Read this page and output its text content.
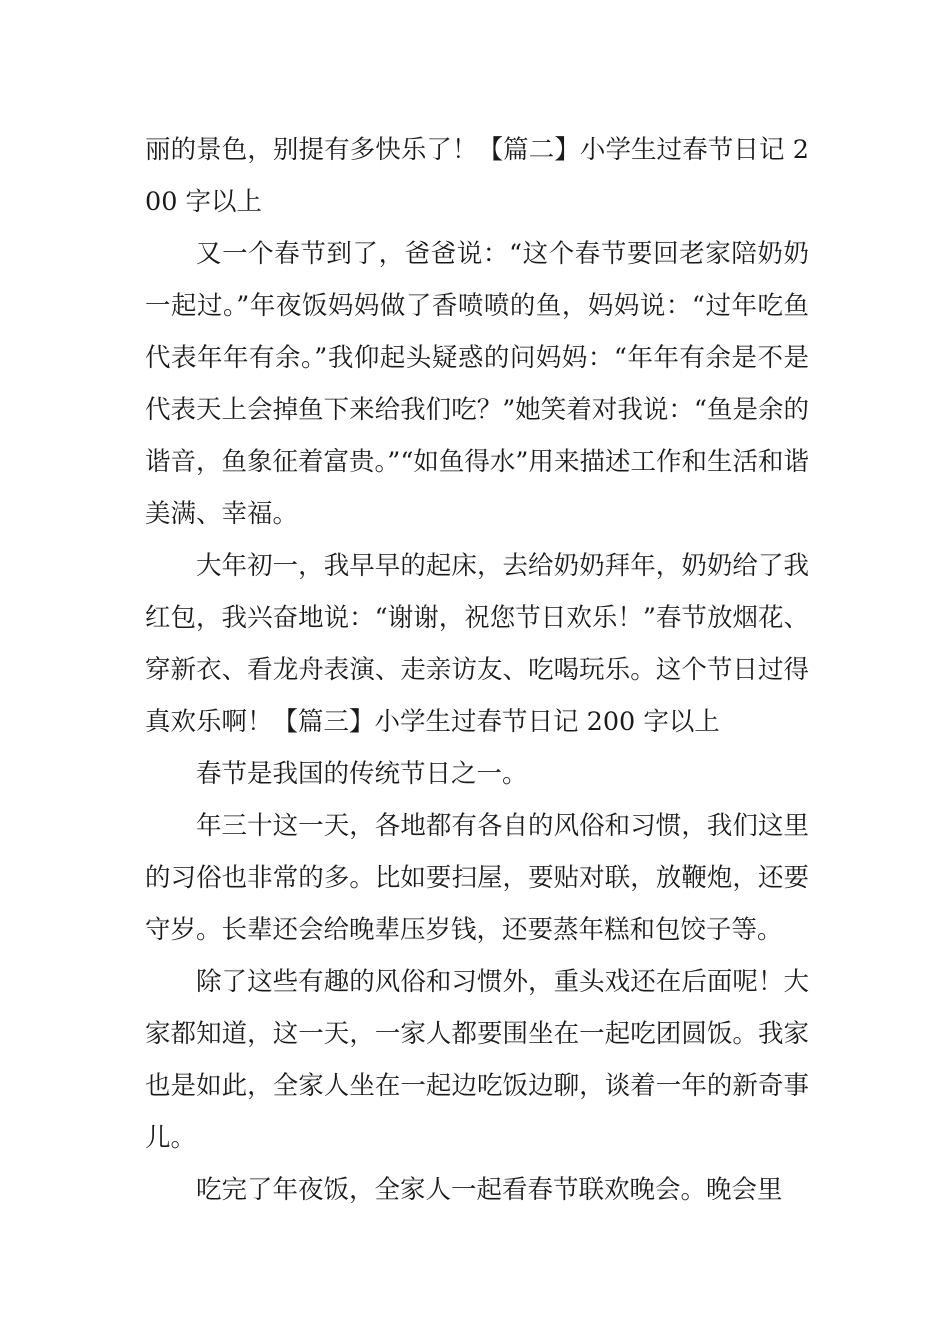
丽的景色，别提有多快乐了！【篇二】小学生过春节日记 200 字以上

又一个春节到了，爸爸说：“这个春节要回老家陪奶奶一起过。”年夜饭妈妈做了香喷喷的鱼，妈妈说：“过年吃鱼代表年年有余。”我仰起头疑惑的问妈妈：“年年有余是不是代表天上会掉鱼下来给我们吃？”她笑着对我说：“鱼是余的谐音，鱼象征着富贵。”“如鱼得水”用来描述工作和生活和谐美满、幸福。

大年初一，我早早的起床，去给奶奶拜年，奶奶给了我红包，我兴奋地说：“谢谢，祝您节日欢乐！”春节放烟花、穿新衣、看龙舟表演、走亲访友、吃喝玩乐。这个节日过得真欢乐啊！【篇三】小学生过春节日记 200 字以上

春节是我国的传统节日之一。

年三十这一天，各地都有各自的风俗和习惯，我们这里的习俗也非常的多。比如要扫屋，要贴对联，放鞭炮，还要守岁。长辈还会给晚辈压岁钱，还要蒸年糕和包饺子等。

除了这些有趣的风俗和习惯外，重头戏还在后面呢！大家都知道，这一天，一家人都要围坐在一起吃团圆饭。我家也是如此，全家人坐在一起边吃饭边聊，谈着一年的新奇事儿。

吃完了年夜饭，全家人一起看春节联欢晚会。晚会里
